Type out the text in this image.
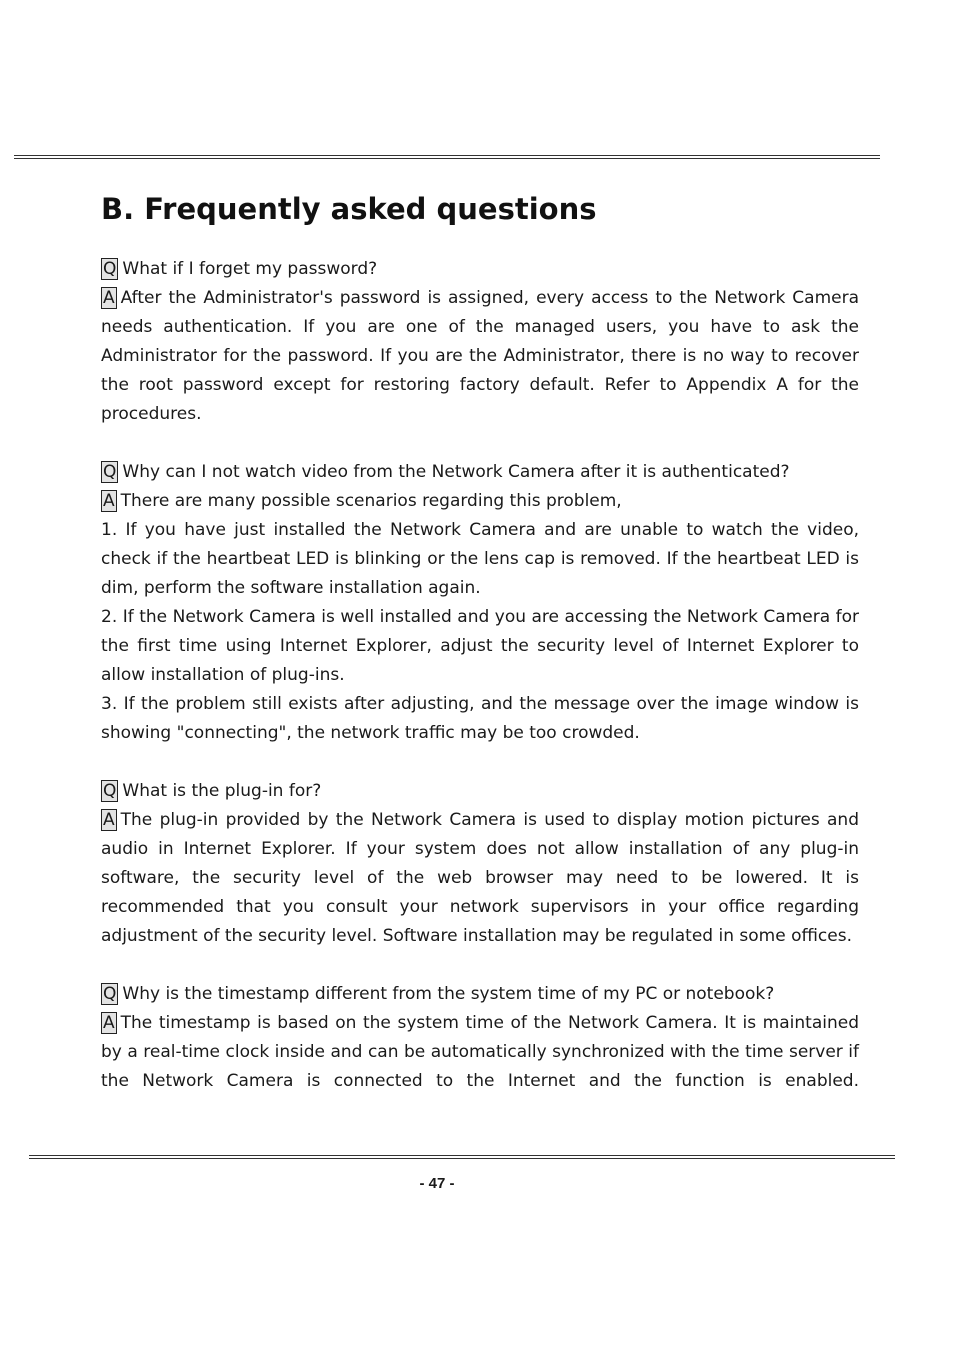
B. Frequently asked questions

Q What if I forget my password?

A After the Administrator's password is assigned, every access to the Network Camera needs authentication. If you are one of the managed users, you have to ask the Administrator for the password. If you are the Administrator, there is no way to recover the root password except for restoring factory default. Refer to Appendix A for the procedures.

Q Why can I not watch video from the Network Camera after it is authenticated?

A There are many possible scenarios regarding this problem,

1. If you have just installed the Network Camera and are unable to watch the video, check if the heartbeat LED is blinking or the lens cap is removed. If the heartbeat LED is dim, perform the software installation again.

2. If the Network Camera is well installed and you are accessing the Network Camera for the first time using Internet Explorer, adjust the security level of Internet Explorer to allow installation of plug-ins.

3. If the problem still exists after adjusting, and the message over the image window is showing "connecting", the network traffic may be too crowded.

Q What is the plug-in for?

A The plug-in provided by the Network Camera is used to display motion pictures and audio in Internet Explorer. If your system does not allow installation of any plug-in software, the security level of the web browser may need to be lowered. It is recommended that you consult your network supervisors in your office regarding adjustment of the security level. Software installation may be regulated in some offices.

Q Why is the timestamp different from the system time of my PC or notebook?

A The timestamp is based on the system time of the Network Camera. It is maintained by a real-time clock inside and can be automatically synchronized with the time server if the Network Camera is connected to the Internet and the function is enabled.

- 47 -
